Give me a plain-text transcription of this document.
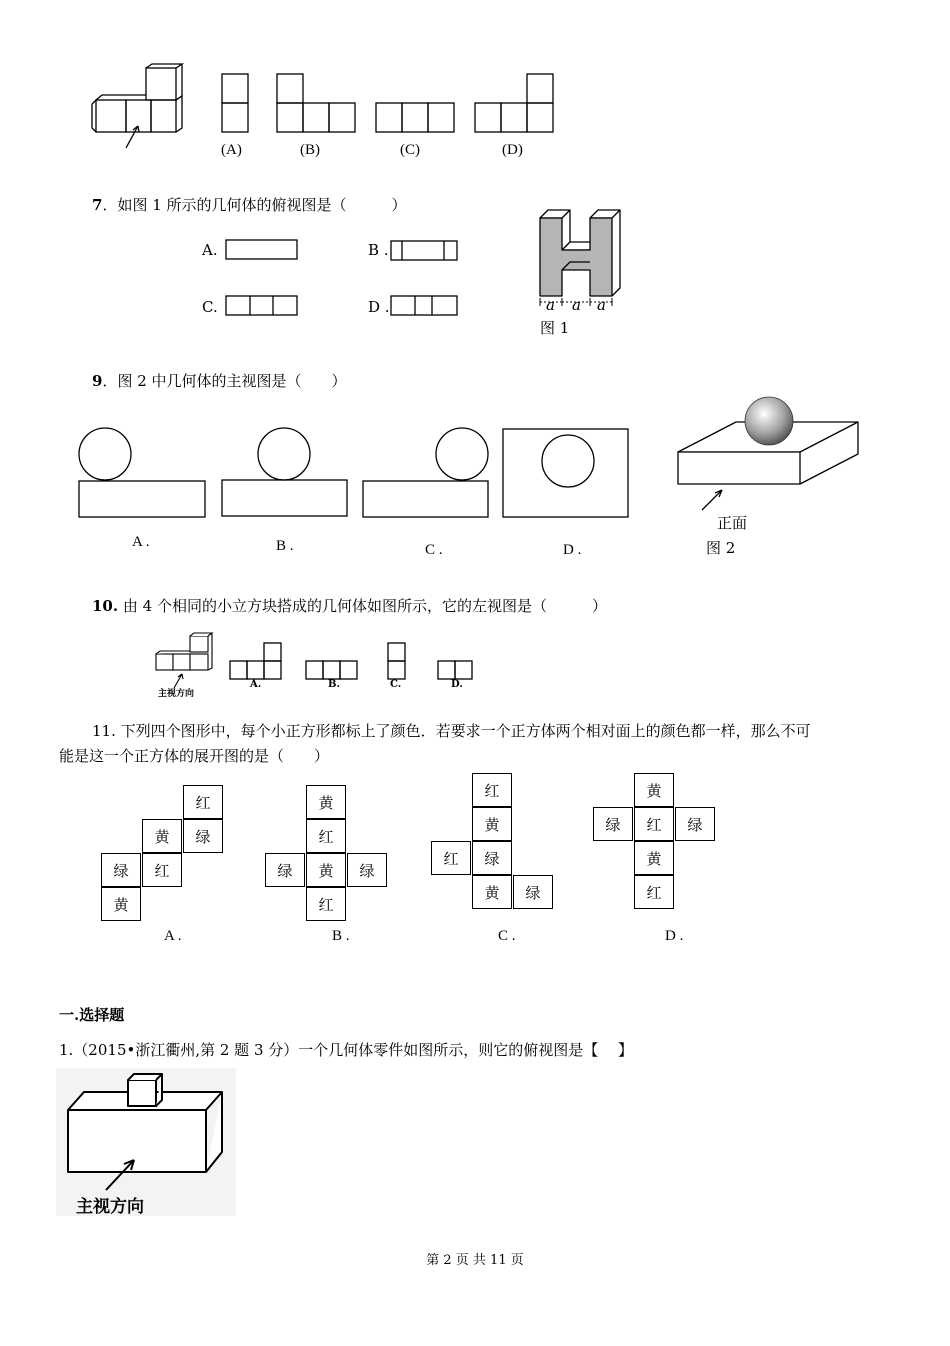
(A)	(B)	(C)	(D)
7．如图 1 所示的几何体的俯视图是（　　　）
A.	B .
C.	D .	a a a
图 1
9．图 2 中几何体的主视图是（　　）
A .	B .	C .	D .
正面
图 2
10. 由 4 个相同的小立方块搭成的几何体如图所示，它的左视图是（　　　）
主视方向
A.	B.	C.	D.
11. 下列四个图形中，每个小正方形都标上了颜色．若要求一个正方体两个相对面上的颜色都一样，那么不可
能是这一个正方体的展开图的是（　　）
红
黄	绿
绿	红
黄
黄
红
绿	黄	绿
红
红
黄
红	绿
黄	绿
黄
绿	红	绿
黄
红
A .	B .	C .	D .
一.选择题
1.（2015•浙江衢州,第 2 题 3 分）一个几何体零件如图所示，则它的俯视图是【　 】
主视方向
第 2 页 共 11 页
